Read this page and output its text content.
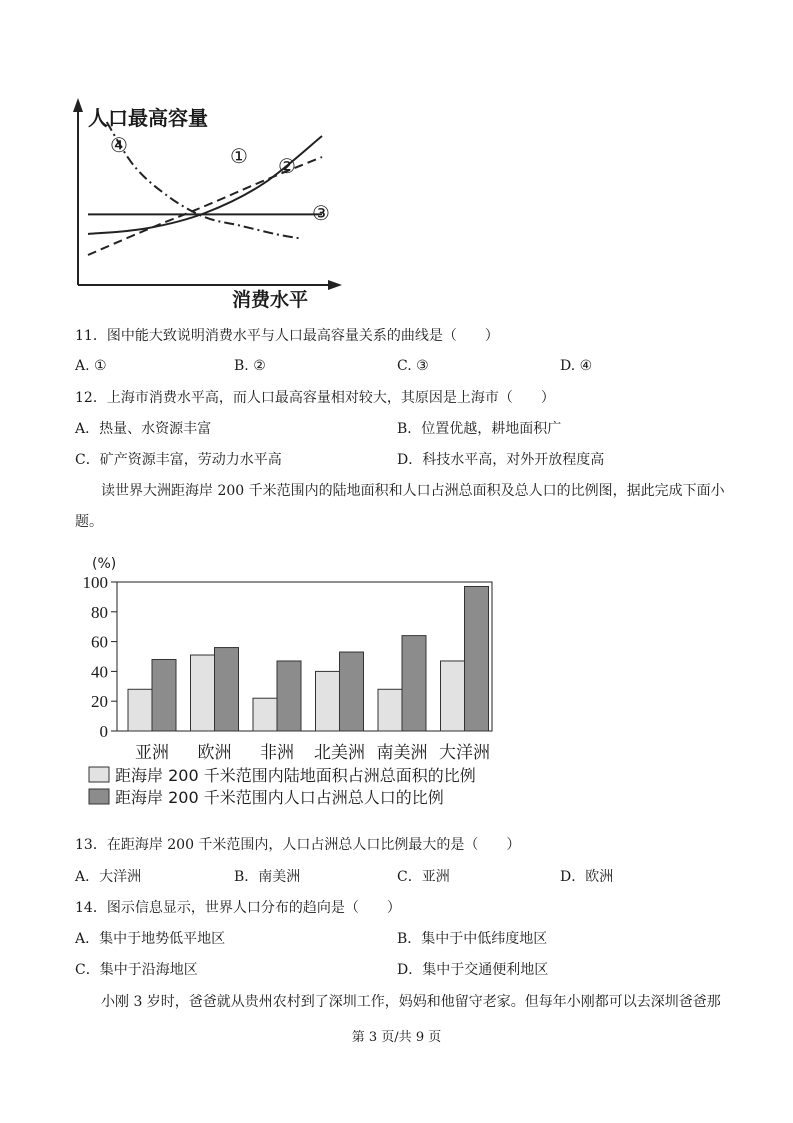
人口最高容量
消费水平
① ②
③
④
11．图中能大致说明消费水平与人口最高容量关系的曲线是（　　）
A. ①	B. ②	C. ③	D. ④
12．上海市消费水平高，而人口最高容量相对较大，其原因是上海市（　　）
A．热量、水资源丰富	B．位置优越，耕地面积广
C．矿产资源丰富，劳动力水平高	D．科技水平高，对外开放程度高
读世界大洲距海岸 200 千米范围内的陆地面积和人口占洲总面积及总人口的比例图，据此完成下面小
题。
(%)
0
20
40
60
80
100
亚洲 欧洲 非洲 北美洲 南美洲 大洋洲
距海岸 200 千米范围内陆地面积占洲总面积的比例
距海岸 200 千米范围内人口占洲总人口的比例
13．在距海岸 200 千米范围内，人口占洲总人口比例最大的是（　　）
A．大洋洲	B．南美洲	C．亚洲	D．欧洲
14．图示信息显示，世界人口分布的趋向是（　　）
A．集中于地势低平地区	B．集中于中低纬度地区
C．集中于沿海地区	D．集中于交通便利地区
小刚 3 岁时，爸爸就从贵州农村到了深圳工作，妈妈和他留守老家。但每年小刚都可以去深圳爸爸那
第 3 页/共 9 页
